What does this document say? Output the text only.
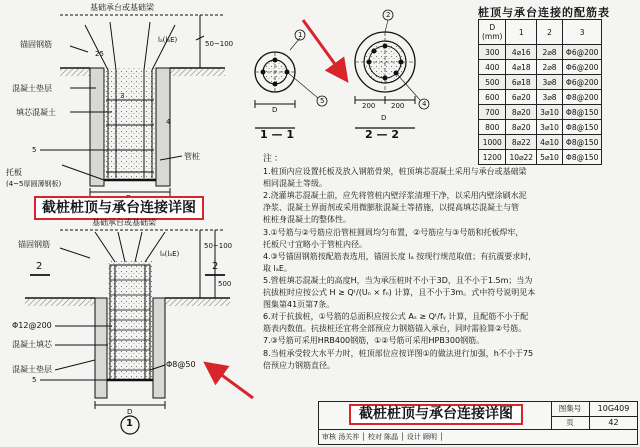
基础承台或基础梁
锚固钢筋
25
lₐ(lₐE)	50~100
混凝土垫层
填芯混凝土
3
4
5
管桩
托板
(4~5厚圆薄钢板)
截桩桩顶与承台连接详图
1 — 1	2 — 2
1
5
2
4
D
D
200 200
桩顶与承台连接的配筋表
D
(mm)	1	2	3
300	4⌀16	2⌀8	Φ6@200
400	4⌀18	2⌀8	Φ6@200
500	6⌀18	3⌀8	Φ6@200
600	6⌀20	3⌀8	Φ8@200
700	8⌀20	3⌀10	Φ8@150
800	8⌀20	3⌀10	Φ8@150
1000	8⌀22	4⌀10	Φ8@150
1200	10⌀22	5⌀10	Φ8@150
基础承台或基础梁
锚固钢筋	50~100
500
lₐ(lₐE)
2	2
Φ12@200
混凝土填芯
混凝土垫层
Φ8@50
5
D
1
注：
1.桩顶内应设置托板及放入钢筋骨架，桩顶填芯混凝土采用与承台或基础梁
相同混凝土等级。
2.浇灌填芯混凝土前，应先将管桩内壁浮浆清理干净，以采用内壁涂刷水泥
净浆、混凝土界面剂或采用微膨胀混凝土等措施，以提高填芯混凝土与管
桩桩身混凝土的整体性。
3.①号筋与②号筋应沿管桩圆周均匀布置，②号筋应与③号筋和托板焊牢，
托板尺寸宜略小于管桩内径。
4.③号锚固钢筋按配筋表选用，锚固长度 lₐ 按现行规范取值；有抗震要求时，
取 lₐE。
5.管桩填芯混凝土的高度H，当为承压桩时不小于3D，且不小于1.5m；当为
抗拔桩时应按公式 H ≥ Qᵗ/(Uₙ × fₙ) 计算，且不小于3m。式中符号说明见本
图集第41页第7条。
6.对于抗拔桩，①号筋的总面积应按公式 Aₛ ≥ Qᵗ/fᵧ 计算，且配筋不小于配
筋表内数值。抗拔桩还宜将全部预应力钢筋锚入承台，同时需验算②号筋。
7.③号筋可采用HRB400钢筋，①②号筋可采用HPB300钢筋。
8.当桩承受较大水平力时，桩顶部位应按详图①的做法进行加强，h不小于75
倍预应力钢筋直径。
截桩桩顶与承台连接详图	图集号	10G409
页	42
审核 汤关祚 │ 校对 陈晶 │ 设计 顾明 │
